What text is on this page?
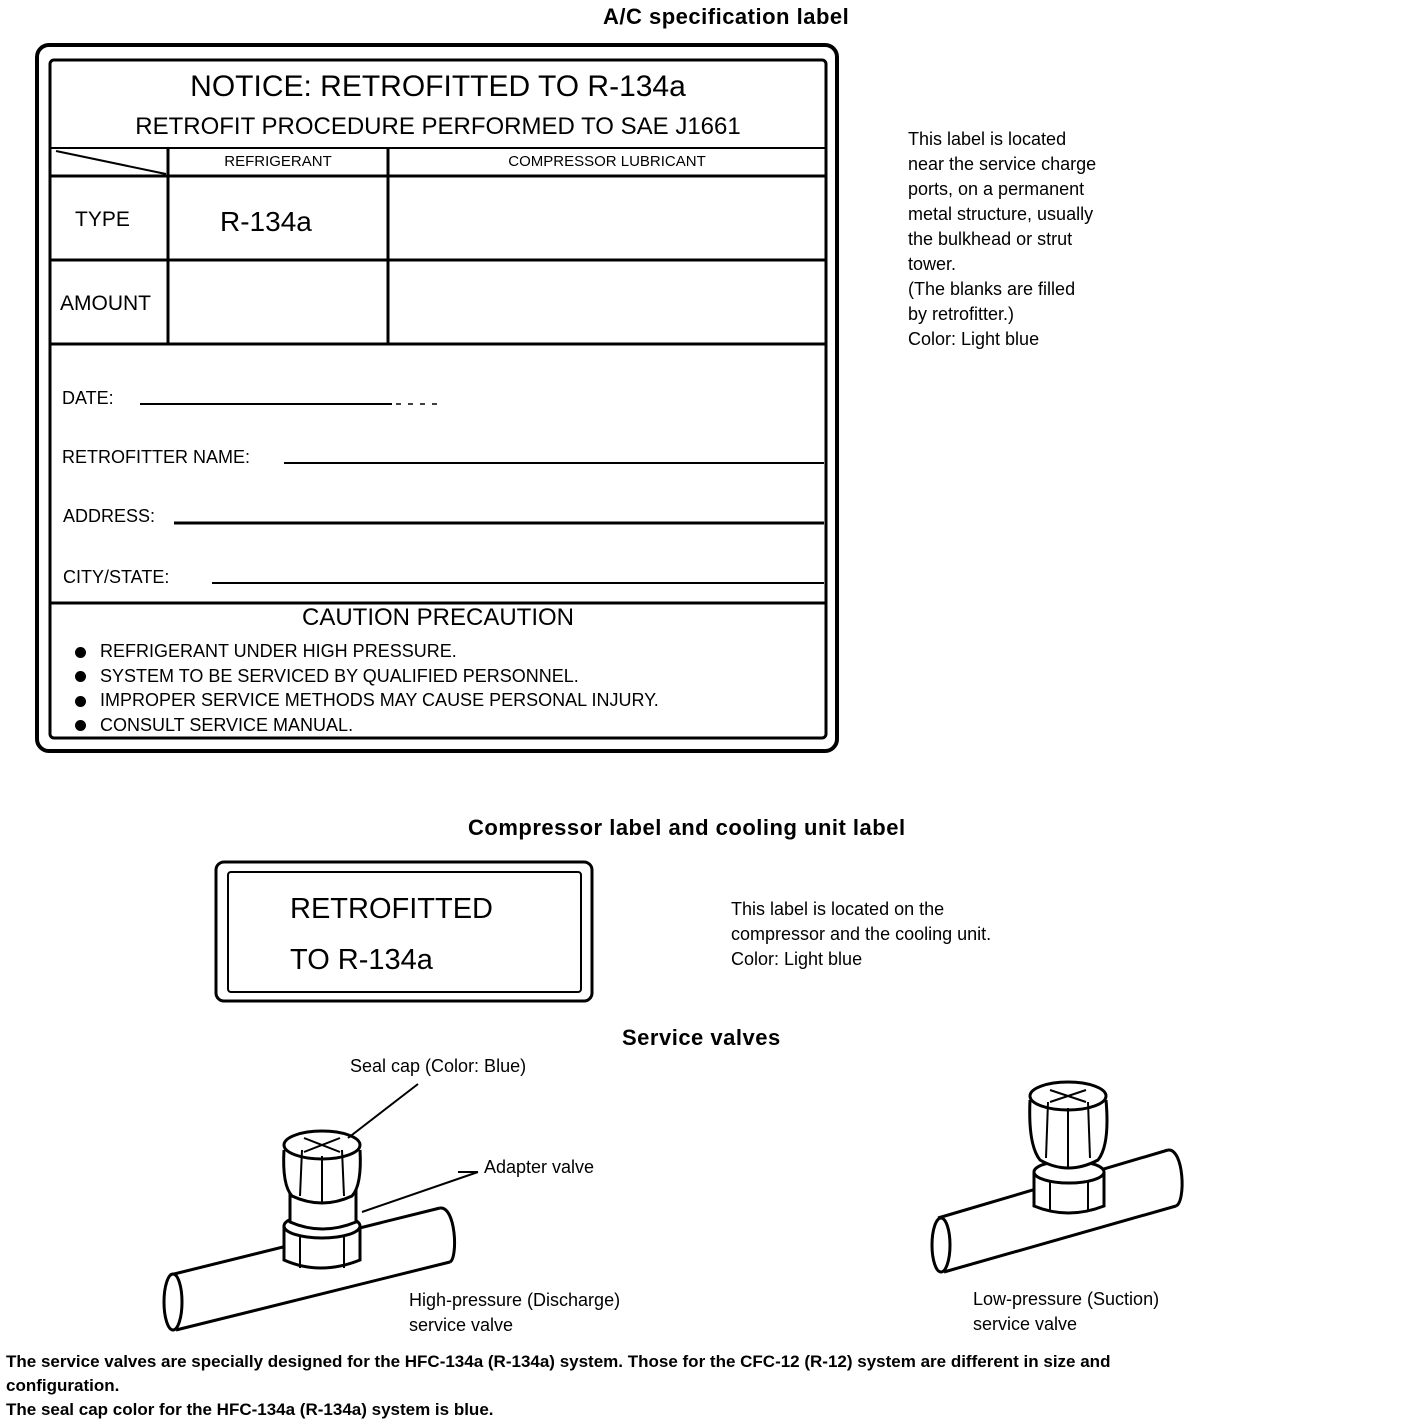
A/C specification label
NOTICE: RETROFITTED TO R-134a
RETROFIT PROCEDURE PERFORMED TO SAE J1661
REFRIGERANT	COMPRESSOR LUBRICANT
TYPE	R-134a
AMOUNT
DATE:
RETROFITTER NAME:
ADDRESS:
CITY/STATE:
CAUTION PRECAUTION
REFRIGERANT UNDER HIGH PRESSURE.
SYSTEM TO BE SERVICED BY QUALIFIED PERSONNEL.
IMPROPER SERVICE METHODS MAY CAUSE PERSONAL INJURY.
CONSULT SERVICE MANUAL.
This label is located
near the service charge
ports, on a permanent
metal structure, usually
the bulkhead or strut
tower.
(The blanks are filled
by retrofitter.)
Color: Light blue
Compressor label and cooling unit label
RETROFITTED
TO R-134a
This label is located on the
compressor and the cooling unit.
Color: Light blue
Service valves
Seal cap (Color: Blue)
Adapter valve
High-pressure (Discharge)
service valve
Low-pressure (Suction)
service valve
The service valves are specially designed for the HFC-134a (R-134a) system. Those for the CFC-12 (R-12) system are different in size and
configuration.
The seal cap color for the HFC-134a (R-134a) system is blue.
